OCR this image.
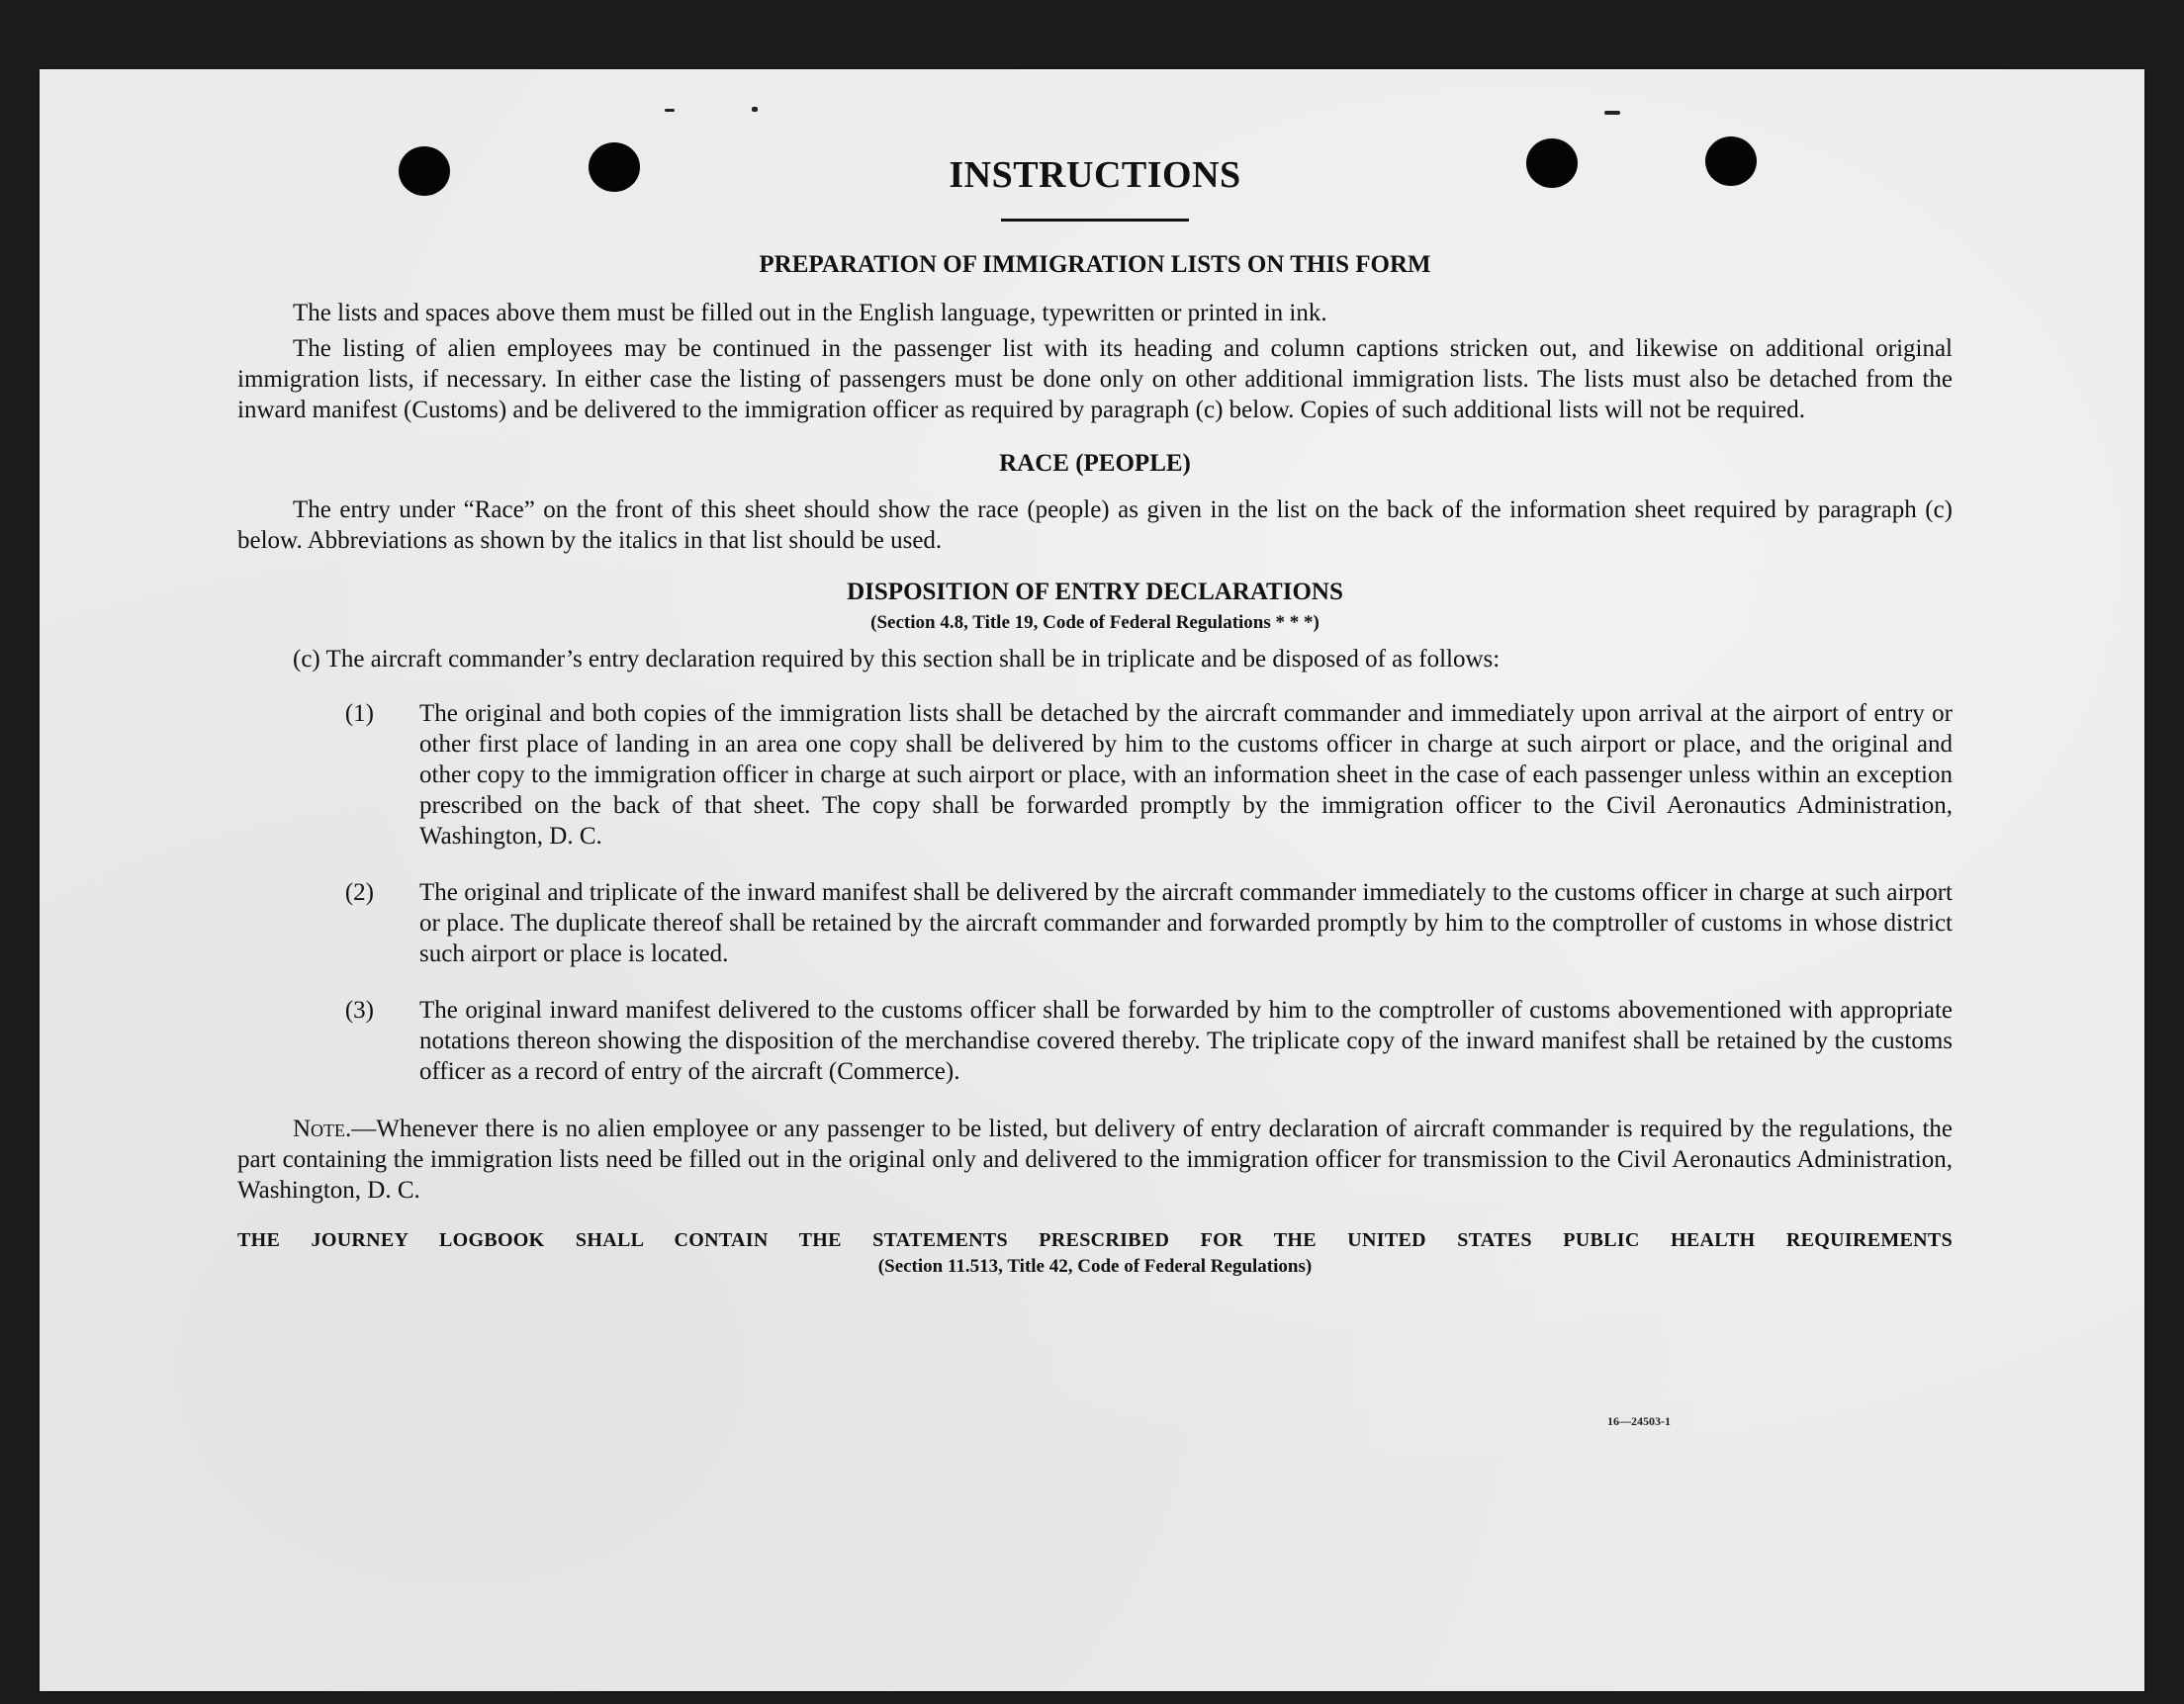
INSTRUCTIONS
PREPARATION OF IMMIGRATION LISTS ON THIS FORM

The lists and spaces above them must be filled out in the English language, typewritten or printed in ink.

The listing of alien employees may be continued in the passenger list with its heading and column captions stricken out, and likewise on additional original immigration lists, if necessary. In either case the listing of passengers must be done only on other additional immigration lists. The lists must also be detached from the inward manifest (Customs) and be delivered to the immigration officer as required by paragraph (c) below. Copies of such additional lists will not be required.

RACE (PEOPLE)

The entry under “Race” on the front of this sheet should show the race (people) as given in the list on the back of the information sheet required by paragraph (c) below. Abbreviations as shown by the italics in that list should be used.

DISPOSITION OF ENTRY DECLARATIONS

(Section 4.8, Title 19, Code of Federal Regulations * * *)

(c) The aircraft commander’s entry declaration required by this section shall be in triplicate and be disposed of as follows:

(1) The original and both copies of the immigration lists shall be detached by the aircraft commander and immediately upon arrival at the airport of entry or other first place of landing in an area one copy shall be delivered by him to the customs officer in charge at such airport or place, and the original and other copy to the immigration officer in charge at such airport or place, with an information sheet in the case of each passenger unless within an exception prescribed on the back of that sheet. The copy shall be forwarded promptly by the immigration officer to the Civil Aeronautics Administration, Washington, D. C.
(2) The original and triplicate of the inward manifest shall be delivered by the aircraft commander immediately to the customs officer in charge at such airport or place. The duplicate thereof shall be retained by the aircraft commander and forwarded promptly by him to the comptroller of customs in whose district such airport or place is located.
(3) The original inward manifest delivered to the customs officer shall be forwarded by him to the comptroller of customs abovementioned with appropriate notations thereon showing the disposition of the merchandise covered thereby. The triplicate copy of the inward manifest shall be retained by the customs officer as a record of entry of the aircraft (Commerce).

Note.—Whenever there is no alien employee or any passenger to be listed, but delivery of entry declaration of aircraft commander is required by the regulations, the part containing the immigration lists need be filled out in the original only and delivered to the immigration officer for transmission to the Civil Aeronautics Administration, Washington, D. C.

THE JOURNEY LOGBOOK SHALL CONTAIN THE STATEMENTS PRESCRIBED FOR THE UNITED STATES PUBLIC HEALTH REQUIREMENTS

(Section 11.513, Title 42, Code of Federal Regulations)

16—24503-1
